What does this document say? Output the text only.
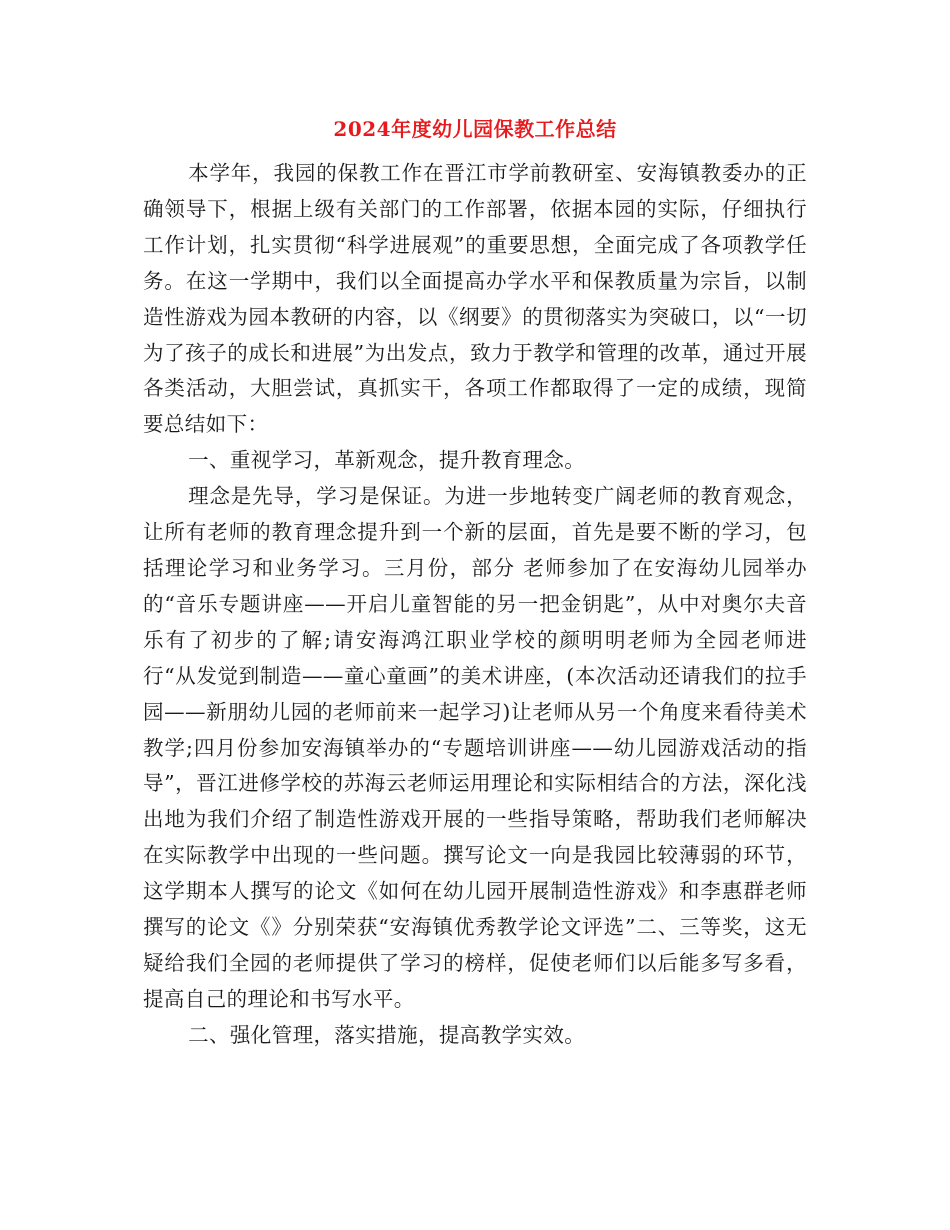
2024年度幼儿园保教工作总结

本学年，我园的保教工作在晋江市学前教研室、安海镇教委办的正确领导下，根据上级有关部门的工作部署，依据本园的实际，仔细执行工作计划，扎实贯彻“科学进展观”的重要思想，全面完成了各项教学任务。在这一学期中，我们以全面提高办学水平和保教质量为宗旨，以制造性游戏为园本教研的内容，以《纲要》的贯彻落实为突破口，以“一切为了孩子的成长和进展”为出发点，致力于教学和管理的改革，通过开展各类活动，大胆尝试，真抓实干，各项工作都取得了一定的成绩，现简要总结如下：

一、重视学习，革新观念，提升教育理念。

理念是先导，学习是保证。为进一步地转变广阔老师的教育观念，让所有老师的教育理念提升到一个新的层面，首先是要不断的学习，包括理论学习和业务学习。三月份，部分 老师参加了在安海幼儿园举办的“音乐专题讲座——开启儿童智能的另一把金钥匙”，从中对奥尔夫音乐有了初步的了解;请安海鸿江职业学校的颜明明老师为全园老师进行“从发觉到制造——童心童画”的美术讲座，(本次活动还请我们的拉手园——新朋幼儿园的老师前来一起学习)让老师从另一个角度来看待美术教学;四月份参加安海镇举办的“专题培训讲座——幼儿园游戏活动的指导”，晋江进修学校的苏海云老师运用理论和实际相结合的方法，深化浅出地为我们介绍了制造性游戏开展的一些指导策略，帮助我们老师解决在实际教学中出现的一些问题。撰写论文一向是我园比较薄弱的环节，这学期本人撰写的论文《如何在幼儿园开展制造性游戏》和李惠群老师撰写的论文《》分别荣获“安海镇优秀教学论文评选”二、三等奖，这无疑给我们全园的老师提供了学习的榜样，促使老师们以后能多写多看，提高自己的理论和书写水平。

二、强化管理，落实措施，提高教学实效。
